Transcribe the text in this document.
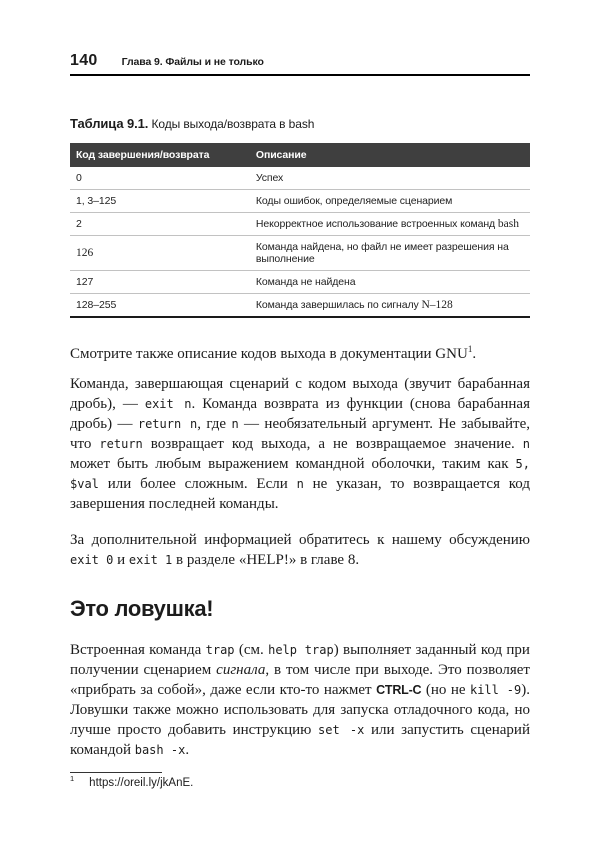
140 Глава 9. Файлы и не только

Таблица 9.1. Коды выхода/возврата в bash

Код завершения/возврата	Описание
0	Успех
1, 3–125	Коды ошибок, определяемые сценарием
2	Некорректное использование встроенных команд bash
126	Команда найдена, но файл не имеет разрешения на выполнение
127	Команда не найдена
128–255	Команда завершилась по сигналу N–128

Смотрите также описание кодов выхода в документации GNU$^1$.

Команда, завершающая сценарий с кодом выхода (звучит барабанная дробь), — exit n. Команда возврата из функции (снова барабанная дробь) — return n, где n — необязательный аргумент. Не забывайте, что return возвращает код выхода, а не возвращаемое значение. n может быть любым выражением командной оболочки, таким как 5, $val или более сложным. Если n не указан, то возвращается код завершения последней команды.

За дополнительной информацией обратитесь к нашему обсуждению exit 0 и exit 1 в разделе «HELP!» в главе 8.

Это ловушка!

Встроенная команда trap (см. help trap) выполняет заданный код при получении сценарием сигнала, в том числе при выходе. Это позволяет «прибрать за собой», даже если кто-то нажмет CTRL-C (но не kill -9). Ловушки также можно использовать для запуска отладочного кода, но лучше просто добавить инструкцию set -x или запустить сценарий командой bash -x.

$^1$ https://oreil.ly/jkAnE.
